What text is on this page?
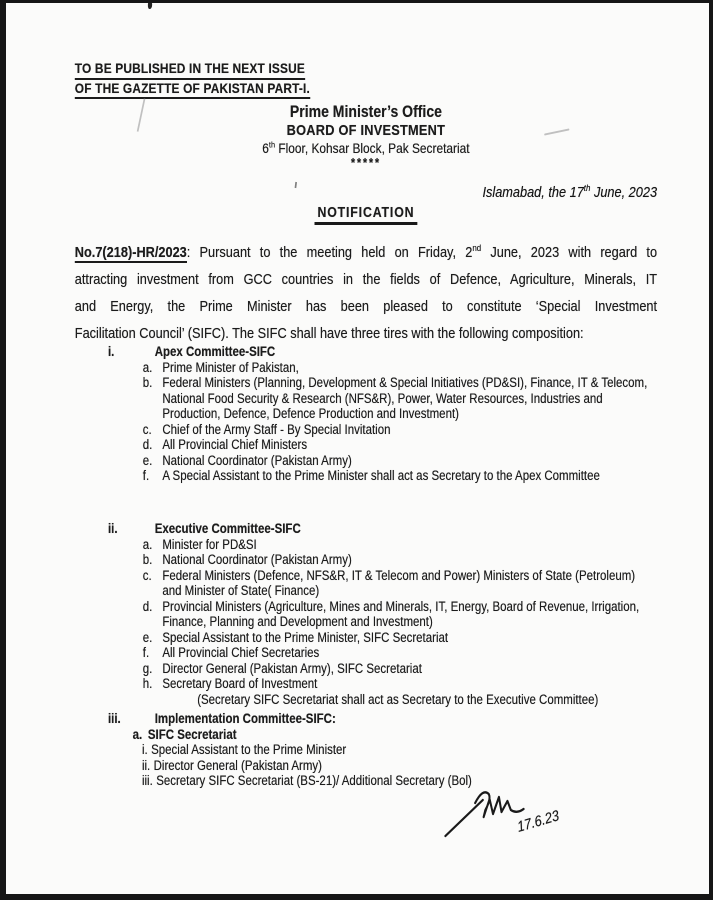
TO BE PUBLISHED IN THE NEXT ISSUE
OF THE GAZETTE OF PAKISTAN PART-I.
Prime Minister’s Office
BOARD OF INVESTMENT
6th Floor, Kohsar Block, Pak Secretariat
*****
Islamabad, the 17th June, 2023
NOTIFICATION
No.7(218)-HR/2023: Pursuant to the meeting held on Friday, 2nd June, 2023 with regard to
attracting investment from GCC countries in the fields of Defence, Agriculture, Minerals, IT
and Energy, the Prime Minister has been pleased to constitute ‘Special Investment
Facilitation Council’ (SIFC). The SIFC shall have three tires with the following composition:
i.	Apex Committee-SIFC
a. Prime Minister of Pakistan,
b. Federal Ministers (Planning, Development & Special Initiatives (PD&SI), Finance, IT & Telecom, National Food Security & Research (NFS&R), Power, Water Resources, Industries and Production, Defence, Defence Production and Investment)
c. Chief of the Army Staff - By Special Invitation
d. All Provincial Chief Ministers
e. National Coordinator (Pakistan Army)
f. A Special Assistant to the Prime Minister shall act as Secretary to the Apex Committee
ii.	Executive Committee-SIFC
a. Minister for PD&SI
b. National Coordinator (Pakistan Army)
c. Federal Ministers (Defence, NFS&R, IT & Telecom and Power) Ministers of State (Petroleum) and Minister of State( Finance)
d. Provincial Ministers (Agriculture, Mines and Minerals, IT, Energy, Board of Revenue, Irrigation, Finance, Planning and Development and Investment)
e. Special Assistant to the Prime Minister, SIFC Secretariat
f. All Provincial Chief Secretaries
g. Director General (Pakistan Army), SIFC Secretariat
h. Secretary Board of Investment
(Secretary SIFC Secretariat shall act as Secretary to the Executive Committee)
iii.	Implementation Committee-SIFC:
a. SIFC Secretariat
i. Special Assistant to the Prime Minister
ii. Director General (Pakistan Army)
iii. Secretary SIFC Secretariat (BS-21)/ Additional Secretary (Bol)
17.6.23
